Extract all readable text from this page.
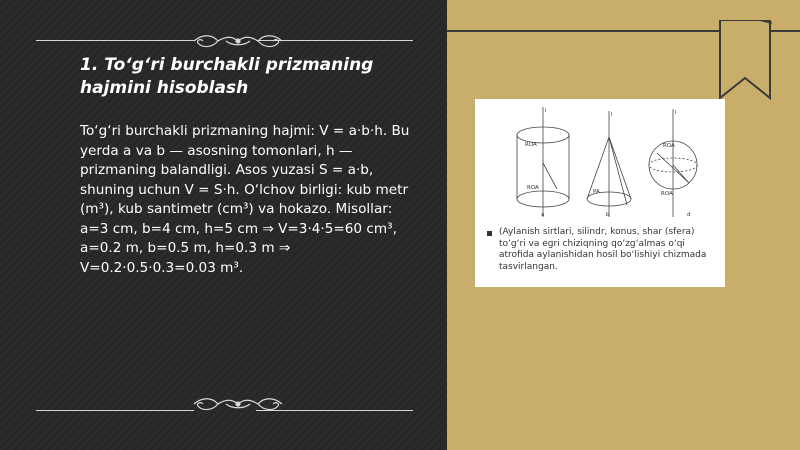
1. To‘g‘ri burchakli prizmaning hajmini hisoblash
To‘g‘ri burchakli prizmaning hajmi: V = a·b·h. Bu yerda a va b — asosning tomonlari, h — prizmaning balandligi. Asos yuzasi S = a·b, shuning uchun V = S·h. O‘lchov birligi: kub metr (m³), kub santimetr (cm³) va hokazo. Misollar: a=3 cm, b=4 cm, h=5 cm ⇒ V=3·4·5=60 cm³, a=0.2 m, b=0.5 m, h=0.3 m ⇒ V=0.2·0.5·0.3=0.03 m³.
l
l	l
ROA
ROA
PA
ROA
ROA
a	b	d
(Aylanish sirtlari, silindr, konus, shar (sfera) to‘g‘ri va egri chiziqning qo‘zg‘almas o‘qi atrofida aylanishidan hosil bo‘lishiyi chizmada tasvirlangan.
